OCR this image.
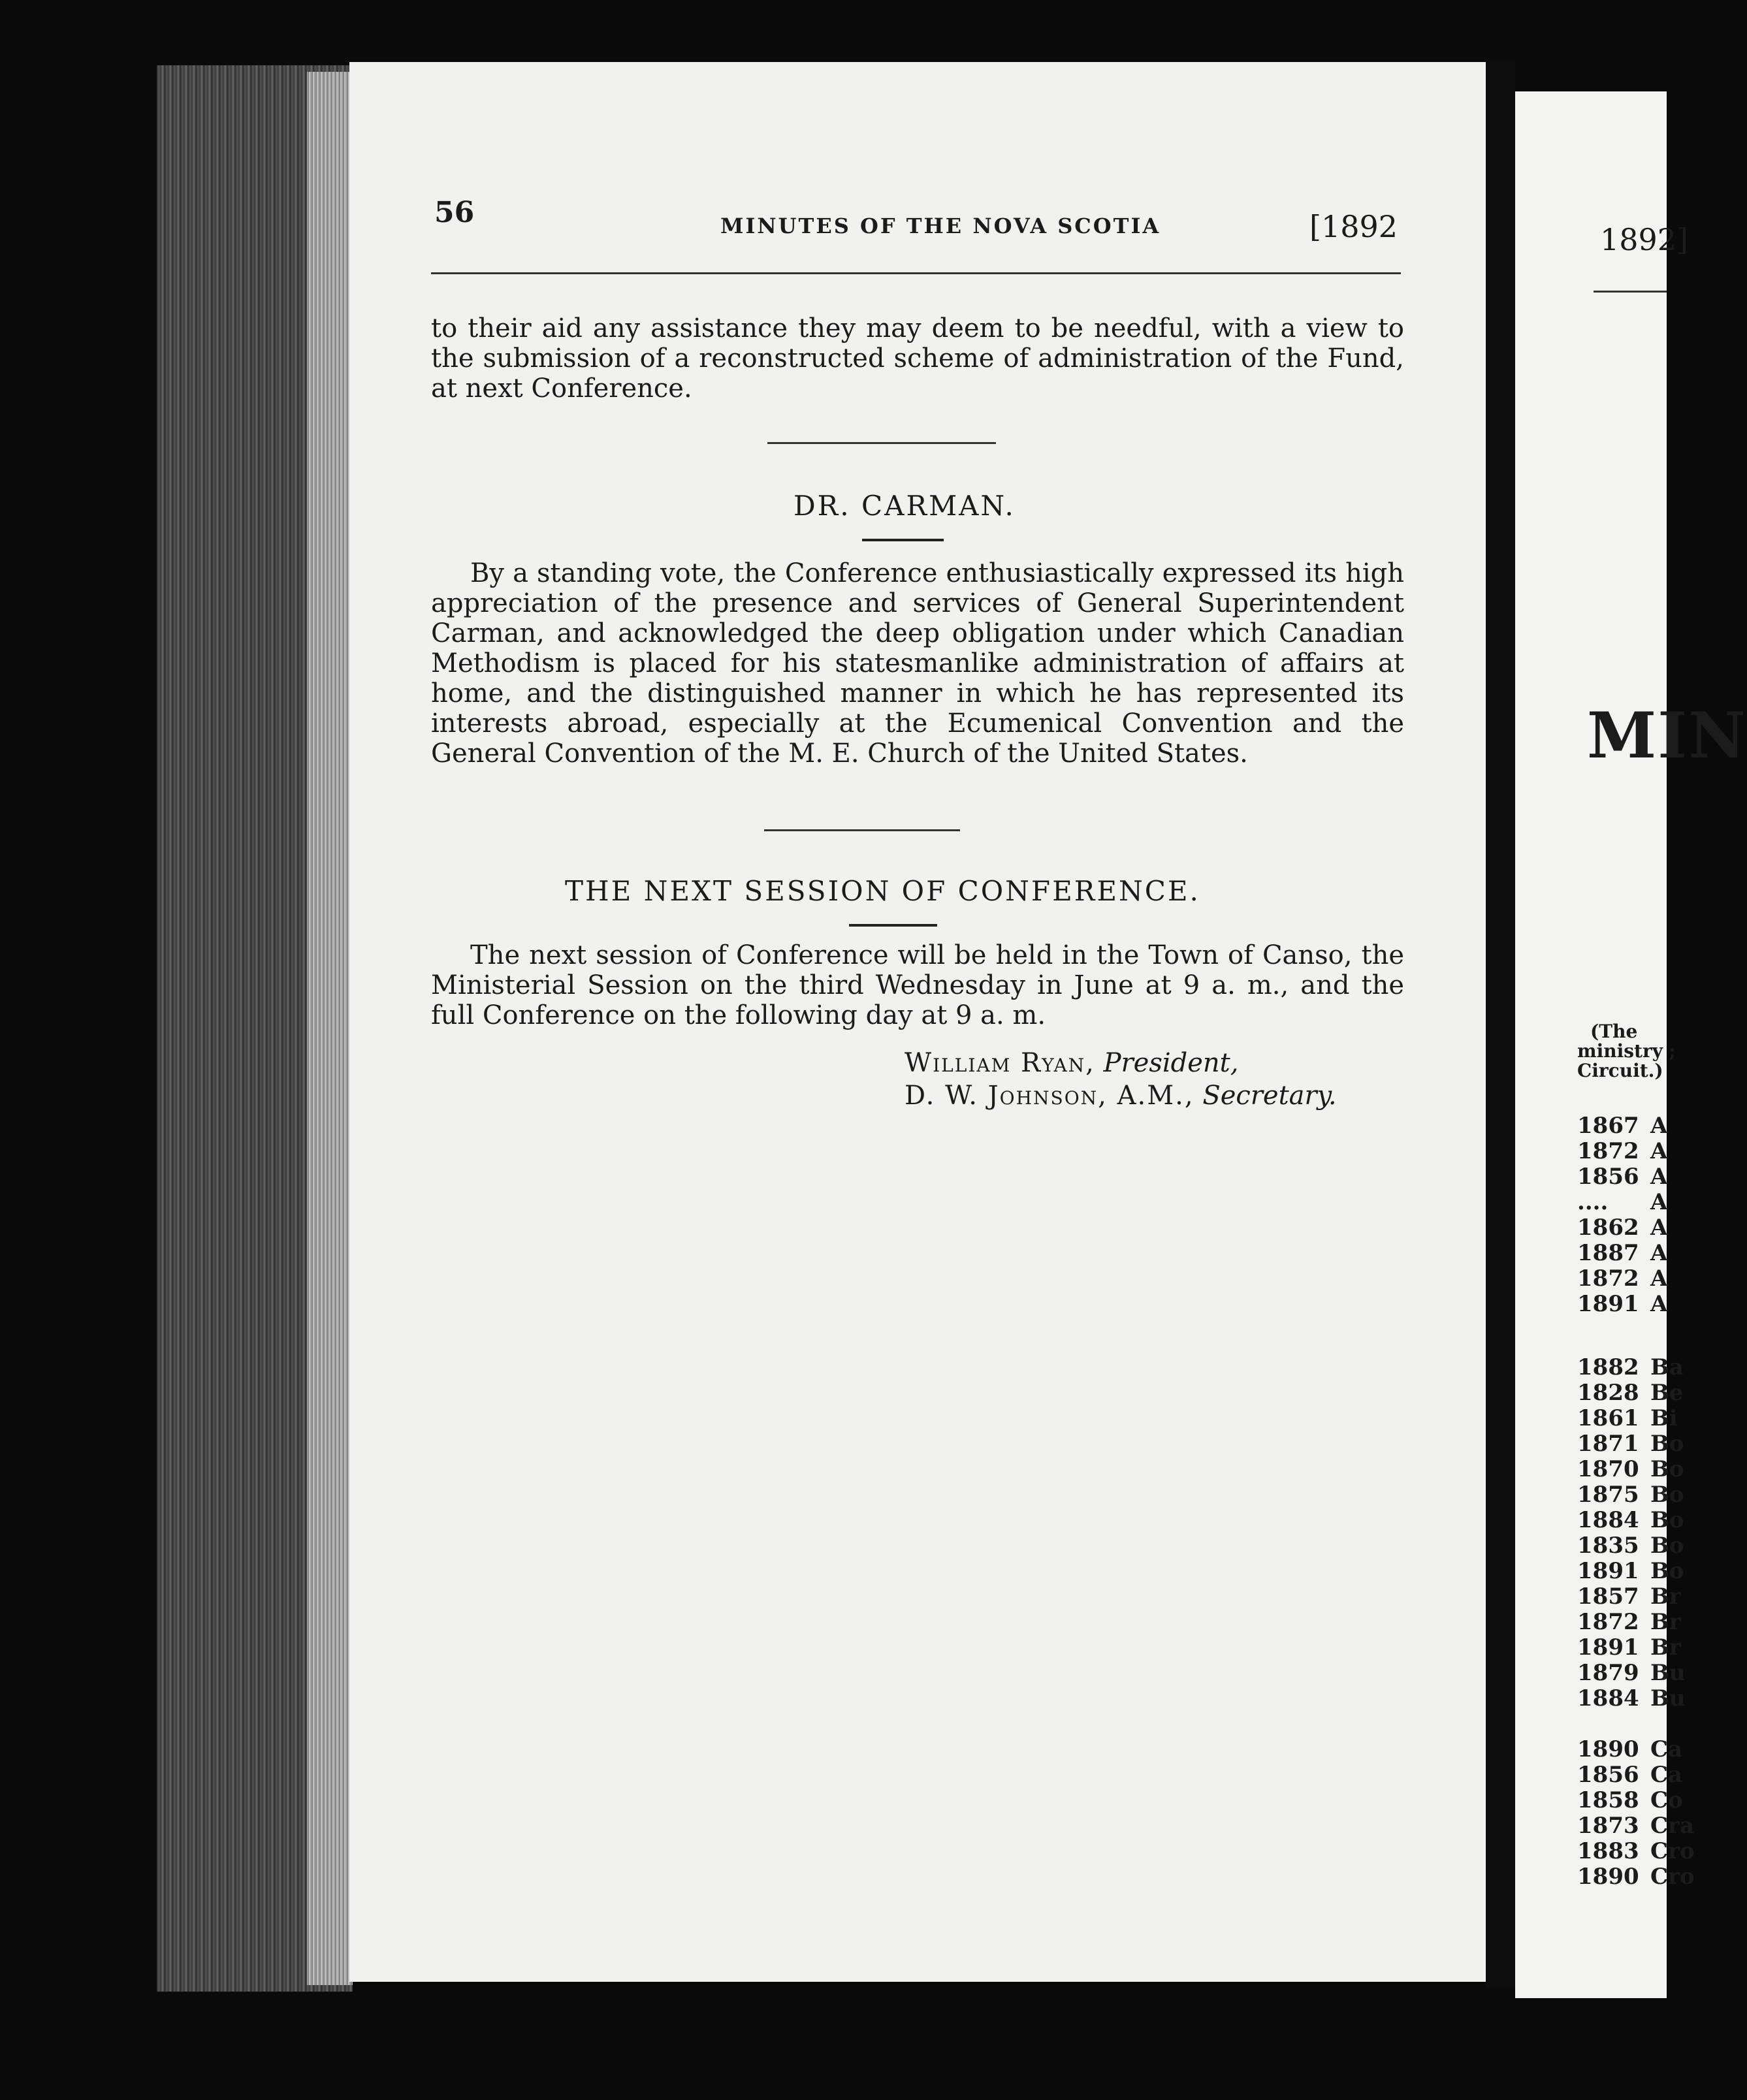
56	MINUTES OF THE NOVA SCOTIA	[1892

to their aid any assistance they may deem to be needful, with a view to the submission of a reconstructed scheme of administration of the Fund, at next Conference.

DR. CARMAN.

By a standing vote, the Conference enthusiastically expressed its high appreciation of the presence and services of General Superintendent Carman, and acknowledged the deep obligation under which Canadian Methodism is placed for his statesmanlike administration of affairs at home, and the distinguished manner in which he has represented its interests abroad, especially at the Ecumenical Convention and the General Convention of the M. E. Church of the United States.

THE NEXT SESSION OF CONFERENCE.

The next session of Conference will be held in the Town of Canso, the Ministerial Session on the third Wednesday in June at 9 a. m., and the full Conference on the following day at 9 a. m.

William Ryan, President,
D. W. Johnson, A.M., Secretary.
1892]
MIN
(The
ministry ;
Circuit.)
1867 A
1872 A
1856 A
.... A
1862 A
1887 A
1872 A
1891 A
1882 Ba
1828 Be
1861 Bi
1871 Bo
1870 Bo
1875 Bo
1884 Bo
1835 Bo
1891 Bo
1857 Br
1872 Br
1891 Br
1879 Bu
1884 Bu
1890 Ca
1856 Ca
1858 Co
1873 Cra
1883 Cro
1890 Cro
